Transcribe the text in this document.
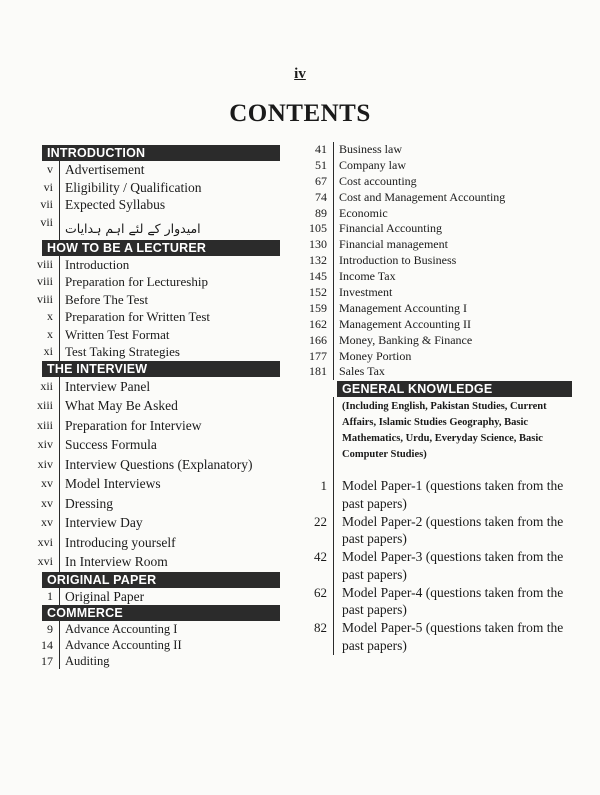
iv
CONTENTS
INTRODUCTION
v Advertisement
vi Eligibility / Qualification
vii Expected Syllabus
vii امیدوار کے لئے اہم ہدایات
HOW TO BE A LECTURER
viii Introduction
viii Preparation for Lectureship
viii Before The Test
x Preparation for Written Test
x Written Test Format
xi Test Taking Strategies
THE INTERVIEW
xii Interview Panel
xiii What May Be Asked
xiii Preparation for Interview
xiv Success Formula
xiv Interview Questions (Explanatory)
xv Model Interviews
xv Dressing
xv Interview Day
xvi Introducing yourself
xvi In Interview Room
ORIGINAL PAPER
1 Original Paper
COMMERCE
9 Advance Accounting I
14 Advance Accounting II
17 Auditing
41	Business law
51	Company law
67	Cost accounting
74	Cost and Management Accounting
89	Economic
105	Financial Accounting
130	Financial management
132	Introduction to Business
145	Income Tax
152	Investment
159	Management Accounting I
162	Management Accounting II
166	Money, Banking & Finance
177	Money Portion
181	Sales Tax
GENERAL KNOWLEDGE
(Including English, Pakistan Studies, Current Affairs, Islamic Studies Geography, Basic Mathematics, Urdu, Everyday Science, Basic Computer Studies)
1	Model Paper-1 (questions taken from the past papers)
22	Model Paper-2 (questions taken from the past papers)
42	Model Paper-3 (questions taken from the past papers)
62	Model Paper-4 (questions taken from the past papers)
82	Model Paper-5 (questions taken from the past papers)
